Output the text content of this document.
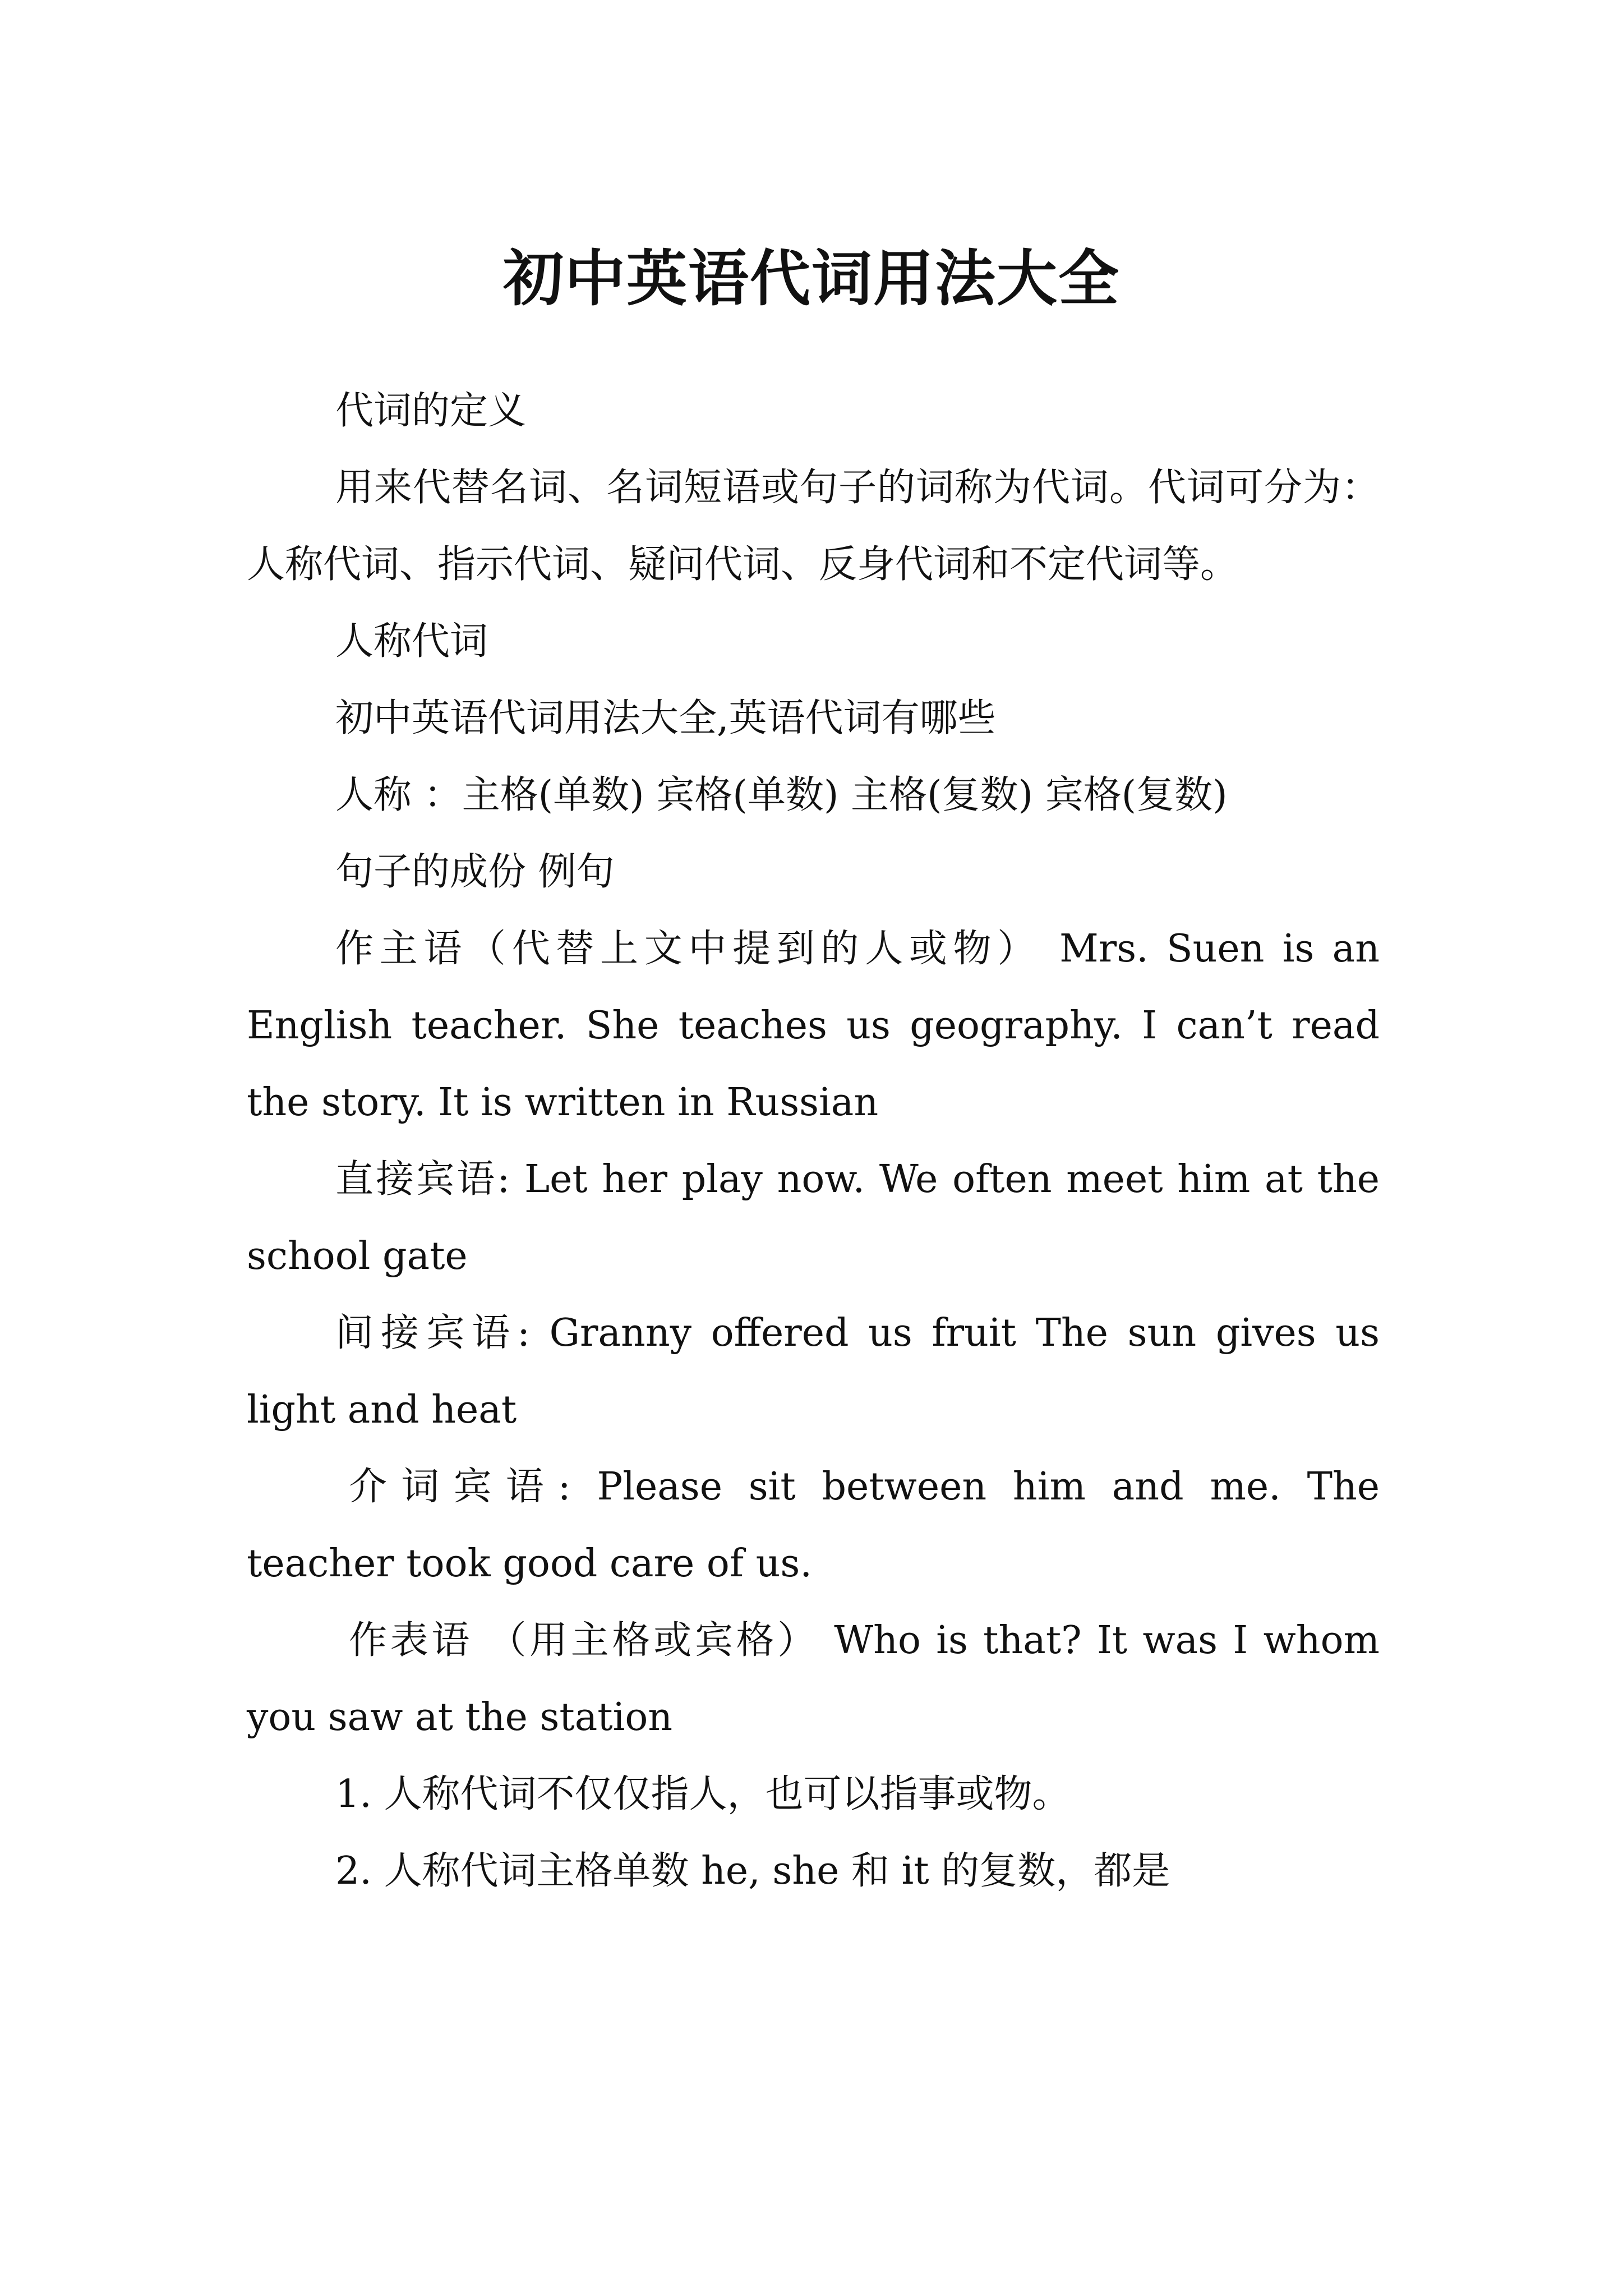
初中英语代词用法大全

代词的定义

用来代替名词、名词短语或句子的词称为代词。代词可分为：人称代词、指示代词、疑问代词、反身代词和不定代词等。

人称代词

初中英语代词用法大全,英语代词有哪些

人称 ：主格(单数) 宾格(单数) 主格(复数) 宾格(复数)

句子的成份 例句

作主语（代替上文中提到的人或物） Mrs. Suen is an English teacher. She teaches us geography. I can’t read the story. It is written in Russian

直接宾语: Let her play now. We often meet him at the school gate

间接宾语: Granny offered us fruit The sun gives us light and heat

介词宾语: Please sit between him and me. The teacher took good care of us.

作表语 （用主格或宾格） Who is that? It was I whom you saw at the station

1. 人称代词不仅仅指人，也可以指事或物。

2. 人称代词主格单数 he, she 和 it 的复数，都是
